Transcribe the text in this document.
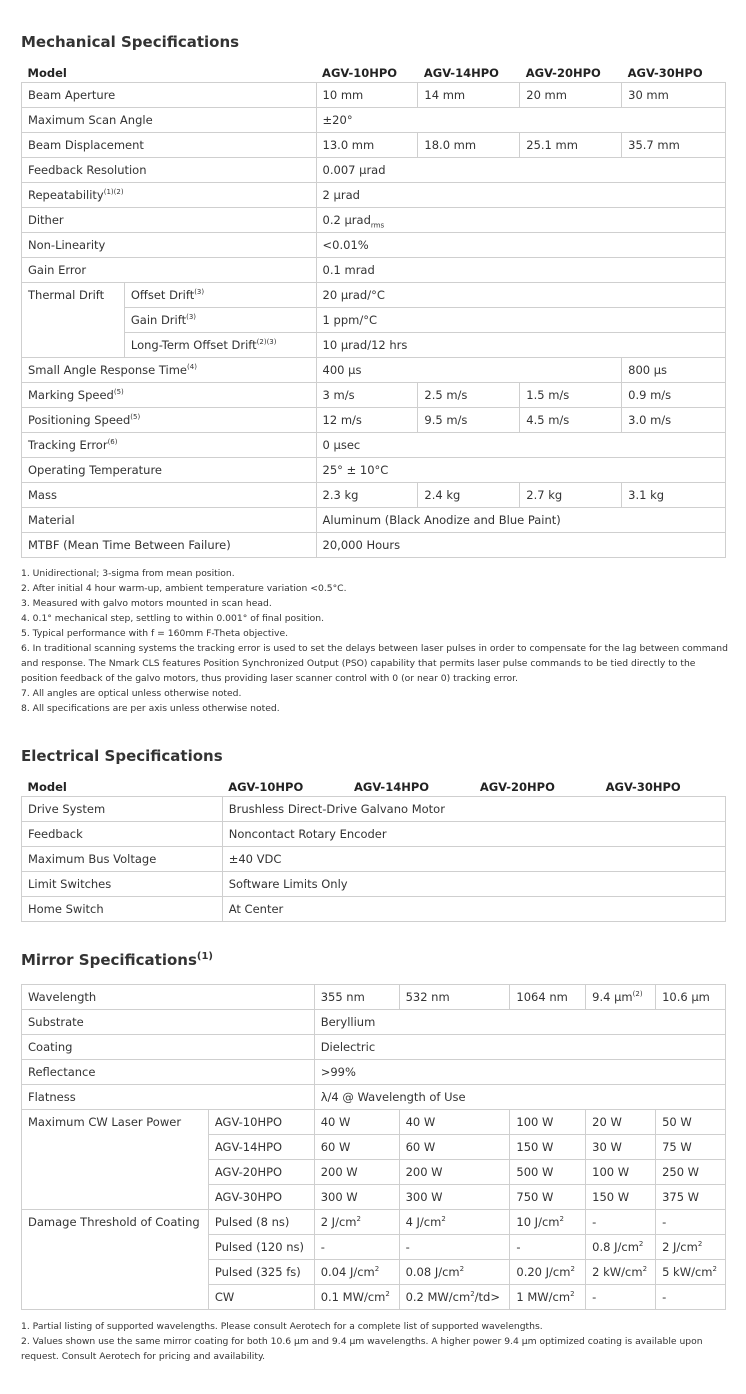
Mechanical Specifications
Model		AGV-10HPO	AGV-14HPO	AGV-20HPO	AGV-30HPO
Beam Aperture		10 mm	14 mm	20 mm	30 mm
Maximum Scan Angle		±20°			
Beam Displacement		13.0 mm	18.0 mm	25.1 mm	35.7 mm
Feedback Resolution		0.007 µrad			
Repeatability$^{(1)(2)}$		2 µrad			
Dither		0.2 µrad$_{rms}$
Non-Linearity		<0.01%			
Gain Error		0.1 mrad			
Thermal Drift	Offset Drift$^{(3)}$	20 µrad/°C			
	Gain Drift$^{(3)}$	1 ppm/°C			
	Long-Term Offset Drift$^{(2)(3)}$	10 µrad/12 hrs			
Small Angle Response Time$^{(4)}$		400 µs			800 µs
Marking Speed$^{(5)}$		3 m/s	2.5 m/s	1.5 m/s	0.9 m/s
Positioning Speed$^{(5)}$		12 m/s	9.5 m/s	4.5 m/s	3.0 m/s
Tracking Error$^{(6)}$		0 µsec			
Operating Temperature		25° ± 10°C			
Mass		2.3 kg	2.4 kg	2.7 kg	3.1 kg
Material		Aluminum (Black Anodize and Blue Paint)			
MTBF (Mean Time Between Failure)		20,000 Hours			
1. Unidirectional; 3-sigma from mean position.
2. After initial 4 hour warm-up, ambient temperature variation <0.5°C.
3. Measured with galvo motors mounted in scan head.
4. 0.1° mechanical step, settling to within 0.001° of final position.
5. Typical performance with f = 160mm F-Theta objective.
6. In traditional scanning systems the tracking error is used to set the delays between laser pulses in order to compensate for the lag between command
and response. The Nmark CLS features Position Synchronized Output (PSO) capability that permits laser pulse commands to be tied directly to the
position feedback of the galvo motors, thus providing laser scanner control with 0 (or near 0) tracking error.
7. All angles are optical unless otherwise noted.
8. All specifications are per axis unless otherwise noted.
Electrical Specifications
Model	AGV-10HPO	AGV-14HPO	AGV-20HPO	AGV-30HPO
Drive System	Brushless Direct-Drive Galvano Motor			
Feedback	Noncontact Rotary Encoder			
Maximum Bus Voltage	±40 VDC			
Limit Switches	Software Limits Only			
Home Switch	At Center			
Mirror Specifications$^{(1)}$
Wavelength		355 nm	532 nm	1064 nm	9.4 µm$^{(2)}$	10.6 µm
Substrate		Beryllium				
Coating		Dielectric				
Reflectance		>99%				
Flatness		λ/4 @ Wavelength of Use				
Maximum CW Laser Power	AGV-10HPO	40 W	40 W	100 W	20 W	50 W
	AGV-14HPO	60 W	60 W	150 W	30 W	75 W
	AGV-20HPO	200 W	200 W	500 W	100 W	250 W
	AGV-30HPO	300 W	300 W	750 W	150 W	375 W
Damage Threshold of Coating	Pulsed (8 ns)	2 $J/cm^2$	4 $J/cm^2$	10 $J/cm^2$	-	-
	Pulsed (120 ns)	-	-	-	0.8 $J/cm^2$	2 $J/cm^2$
	Pulsed (325 fs)	0.04 $J/cm^2$	0.08 $J/cm^2$	0.20 $J/cm^2$	2 $kW/cm^2$	5 $kW/cm^2$
	CW	0.1 $MW/cm^2$	0.2 $MW/cm^2/td>$	1 $MW/cm^2$	-	-
1. Partial listing of supported wavelengths. Please consult Aerotech for a complete list of supported wavelengths.
2. Values shown use the same mirror coating for both 10.6 µm and 9.4 µm wavelengths. A higher power 9.4 µm optimized coating is available upon
request. Consult Aerotech for pricing and availability.
